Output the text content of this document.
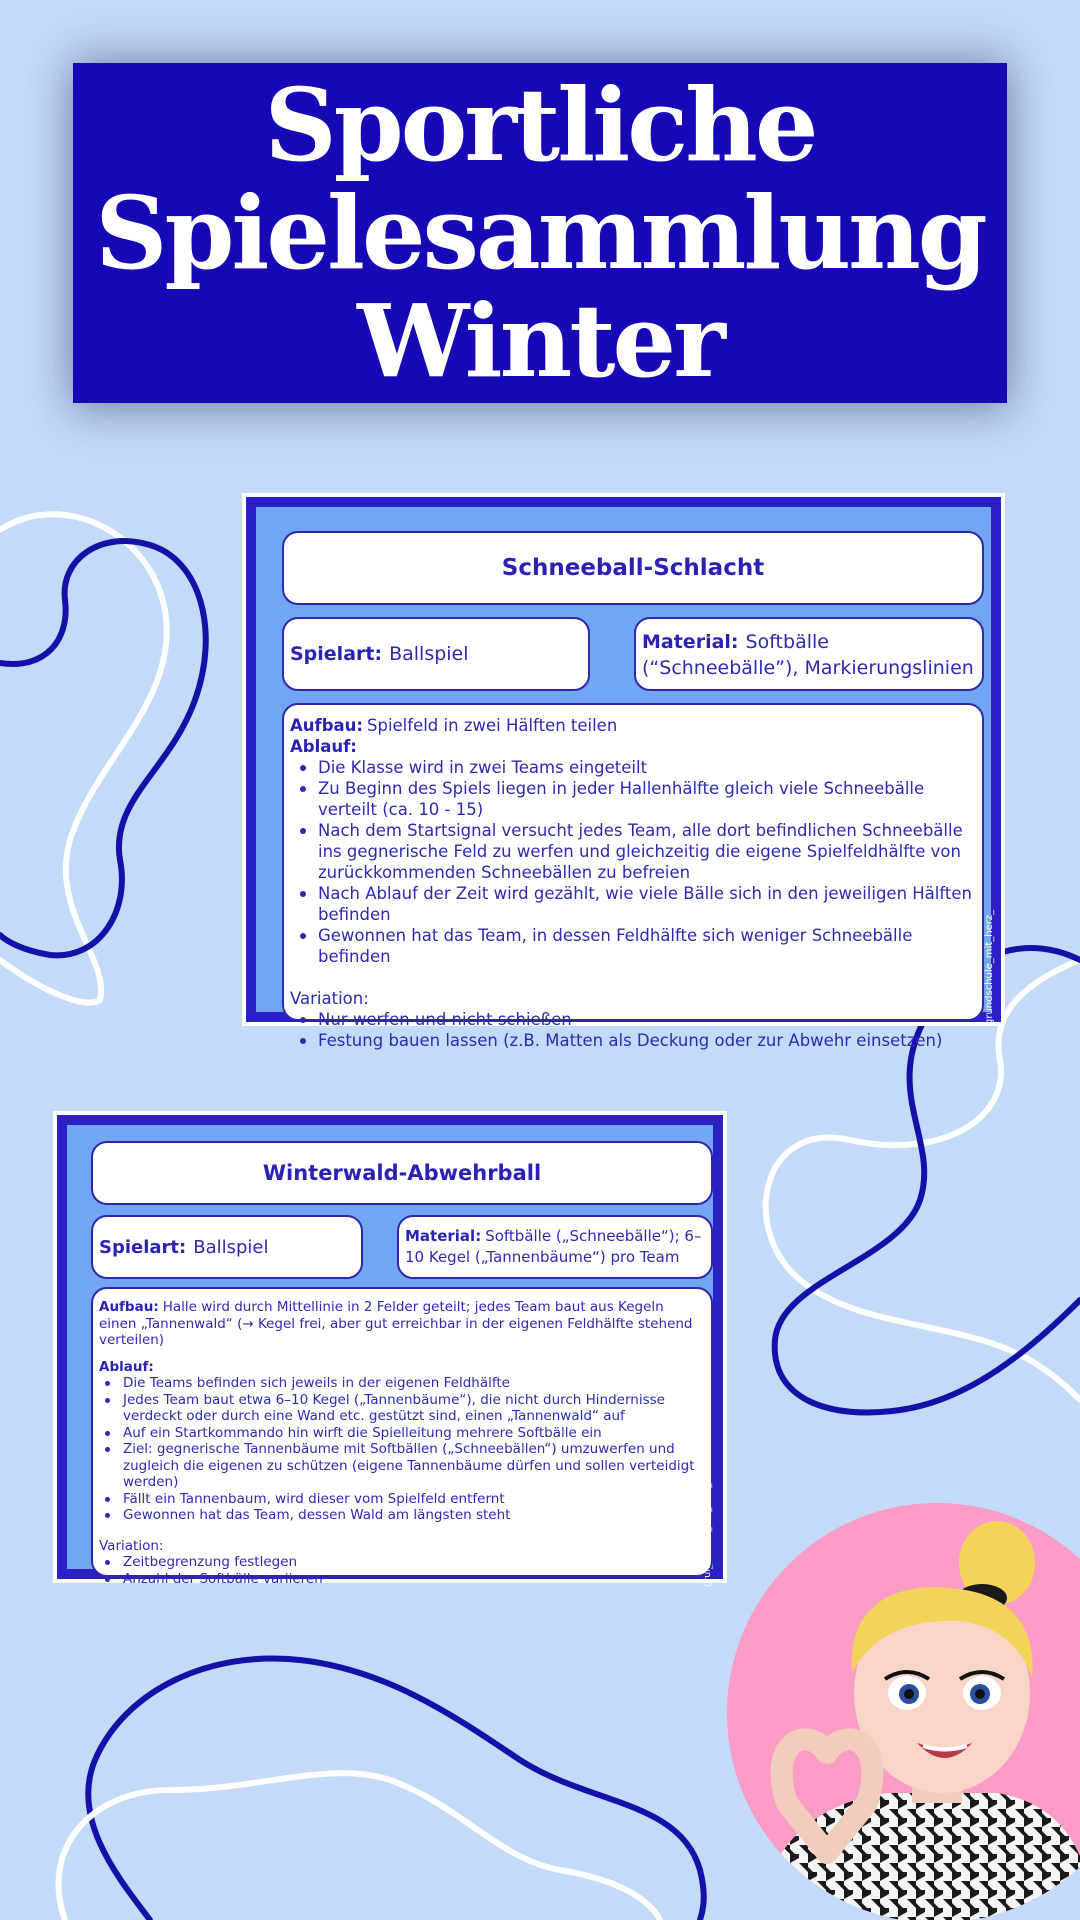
Sportliche
Spielesammlung
Winter
Schneeball-Schlacht
Spielart: Ballspiel
Material: Softbälle (“Schneebälle”), Markierungslinien
Aufbau: Spielfeld in zwei Hälften teilen
Ablauf:
Die Klasse wird in zwei Teams eingeteilt
Zu Beginn des Spiels liegen in jeder Hallenhälfte gleich viele Schneebälle verteilt (ca. 10 - 15)
Nach dem Startsignal versucht jedes Team, alle dort befindlichen Schneebälle ins gegnerische Feld zu werfen und gleichzeitig die eigene Spielfeldhälfte von zurückkommenden Schneebällen zu befreien
Nach Ablauf der Zeit wird gezählt, wie viele Bälle sich in den jeweiligen Hälften befinden
Gewonnen hat das Team, in dessen Feldhälfte sich weniger Schneebälle befinden
Variation:
Nur werfen und nicht schießen
Festung bauen lassen (z.B. Matten als Deckung oder zur Abwehr einsetzen)
grundschule_mit_herz_
Winterwald-Abwehrball
Spielart: Ballspiel
Material: Softbälle („Schneebälle“); 6–10 Kegel („Tannenbäume“) pro Team
Aufbau: Halle wird durch Mittellinie in 2 Felder geteilt; jedes Team baut aus Kegeln einen „Tannenwald“ (→ Kegel frei, aber gut erreichbar in der eigenen Feldhälfte stehend verteilen)
Ablauf:
Die Teams befinden sich jeweils in der eigenen Feldhälfte
Jedes Team baut etwa 6–10 Kegel („Tannenbäume“), die nicht durch Hindernisse verdeckt oder durch eine Wand etc. gestützt sind, einen „Tannenwald“ auf
Auf ein Startkommando hin wirft die Spielleitung mehrere Softbälle ein
Ziel: gegnerische Tannenbäume mit Softbällen („Schneebällen“) umzuwerfen und zugleich die eigenen zu schützen (eigene Tannenbäume dürfen und sollen verteidigt werden)
Fällt ein Tannenbaum, wird dieser vom Spielfeld entfernt
Gewonnen hat das Team, dessen Wald am längsten steht
Variation:
Zeitbegrenzung festlegen
Anzahl der Softbälle variieren	grundschule_mit_herz_
